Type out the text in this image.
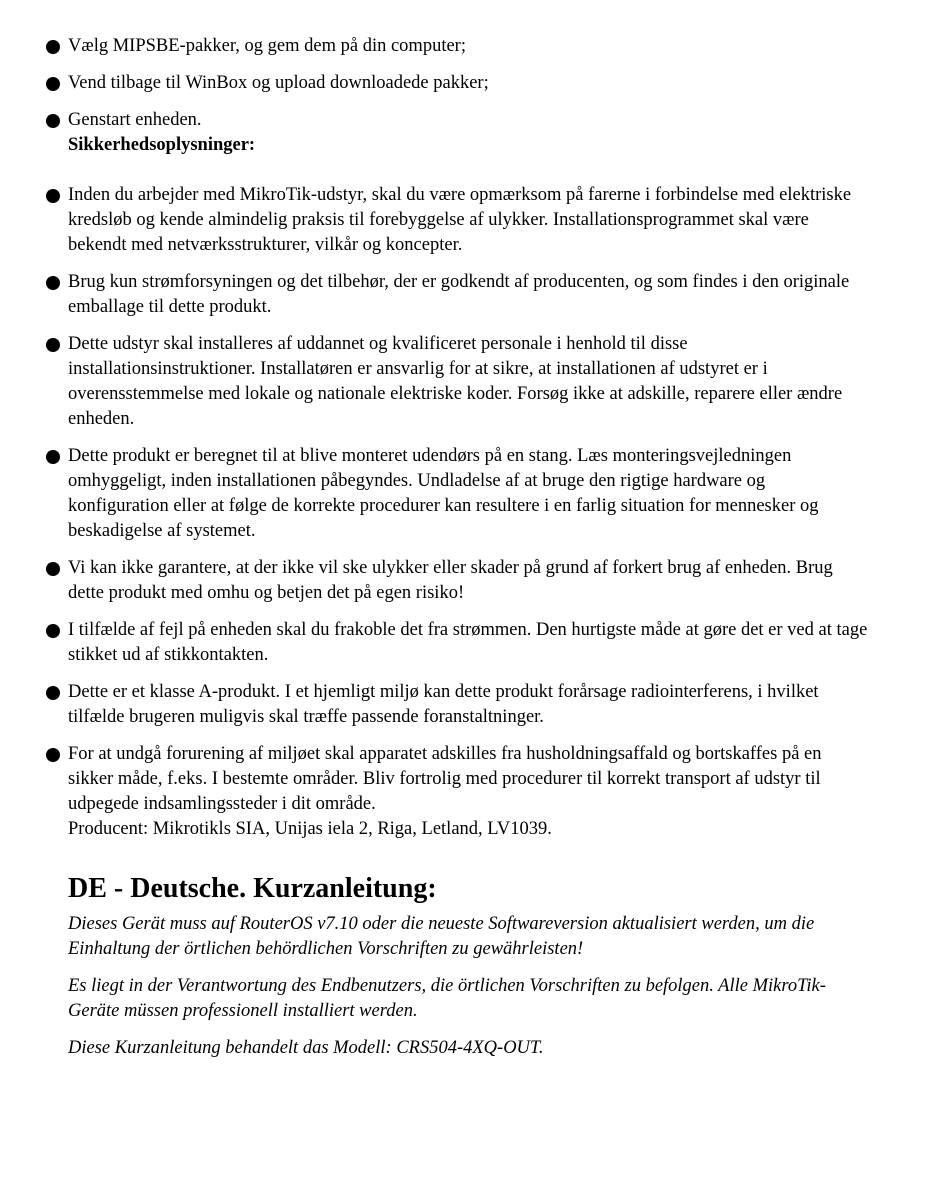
Vælg MIPSBE-pakker, og gem dem på din computer;
Vend tilbage til WinBox og upload downloadede pakker;
Genstart enheden.
Sikkerhedsoplysninger:
Inden du arbejder med MikroTik-udstyr, skal du være opmærksom på farerne i forbindelse med elektriske kredsløb og kende almindelig praksis til forebyggelse af ulykker. Installationsprogrammet skal være bekendt med netværksstrukturer, vilkår og koncepter.
Brug kun strømforsyningen og det tilbehør, der er godkendt af producenten, og som findes i den originale emballage til dette produkt.
Dette udstyr skal installeres af uddannet og kvalificeret personale i henhold til disse installationsinstruktioner. Installatøren er ansvarlig for at sikre, at installationen af udstyret er i overensstemmelse med lokale og nationale elektriske koder. Forsøg ikke at adskille, reparere eller ændre enheden.
Dette produkt er beregnet til at blive monteret udendørs på en stang. Læs monteringsvejledningen omhyggeligt, inden installationen påbegyndes. Undladelse af at bruge den rigtige hardware og konfiguration eller at følge de korrekte procedurer kan resultere i en farlig situation for mennesker og beskadigelse af systemet.
Vi kan ikke garantere, at der ikke vil ske ulykker eller skader på grund af forkert brug af enheden. Brug dette produkt med omhu og betjen det på egen risiko!
I tilfælde af fejl på enheden skal du frakoble det fra strømmen. Den hurtigste måde at gøre det er ved at tage stikket ud af stikkontakten.
Dette er et klasse A-produkt. I et hjemligt miljø kan dette produkt forårsage radiointerferens, i hvilket tilfælde brugeren muligvis skal træffe passende foranstaltninger.
For at undgå forurening af miljøet skal apparatet adskilles fra husholdningsaffald og bortskaffes på en sikker måde, f.eks. I bestemte områder. Bliv fortrolig med procedurer til korrekt transport af udstyr til udpegede indsamlingssteder i dit område.
Producent: Mikrotikls SIA, Unijas iela 2, Riga, Letland, LV1039.
DE - Deutsche. Kurzanleitung:

Dieses Gerät muss auf RouterOS v7.10 oder die neueste Softwareversion aktualisiert werden, um die Einhaltung der örtlichen behördlichen Vorschriften zu gewährleisten!

Es liegt in der Verantwortung des Endbenutzers, die örtlichen Vorschriften zu befolgen. Alle MikroTik-Geräte müssen professionell installiert werden.

Diese Kurzanleitung behandelt das Modell: CRS504-4XQ-OUT.
